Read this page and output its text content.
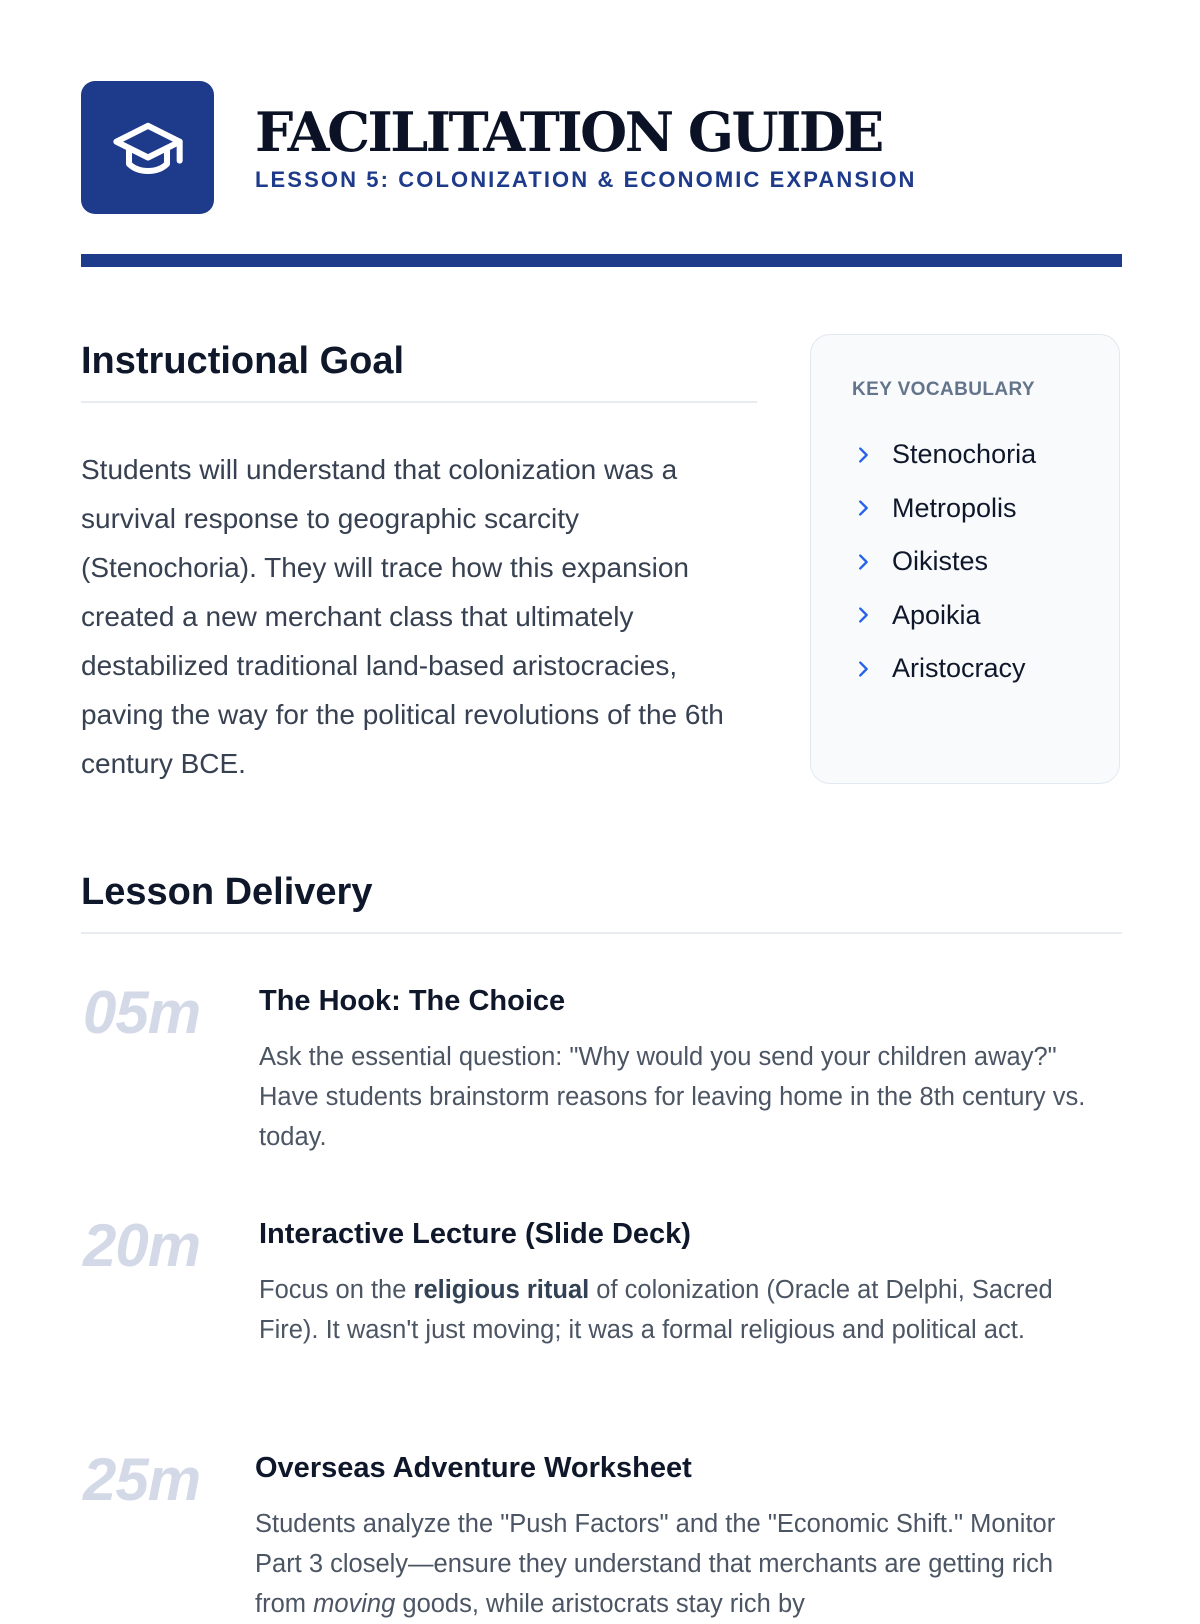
FACILITATION GUIDE
LESSON 5: COLONIZATION & ECONOMIC EXPANSION
Instructional Goal

Students will understand that colonization was a survival response to geographic scarcity (Stenochoria). They will trace how this expansion created a new merchant class that ultimately destabilized traditional land-based aristocracies, paving the way for the political revolutions of the 6th century BCE.

KEY VOCABULARY
Stenochoria
Metropolis
Oikistes
Apoikia
Aristocracy
Lesson Delivery
05m The Hook: The Choice

Ask the essential question: "Why would you send your children away?" Have students brainstorm reasons for leaving home in the 8th century vs. today.

20m Interactive Lecture (Slide Deck)

Focus on the religious ritual of colonization (Oracle at Delphi, Sacred Fire). It wasn't just moving; it was a formal religious and political act.

25m Overseas Adventure Worksheet

Students analyze the "Push Factors" and the "Economic Shift." Monitor Part 3 closely—ensure they understand that merchants are getting rich from moving goods, while aristocrats stay rich by
